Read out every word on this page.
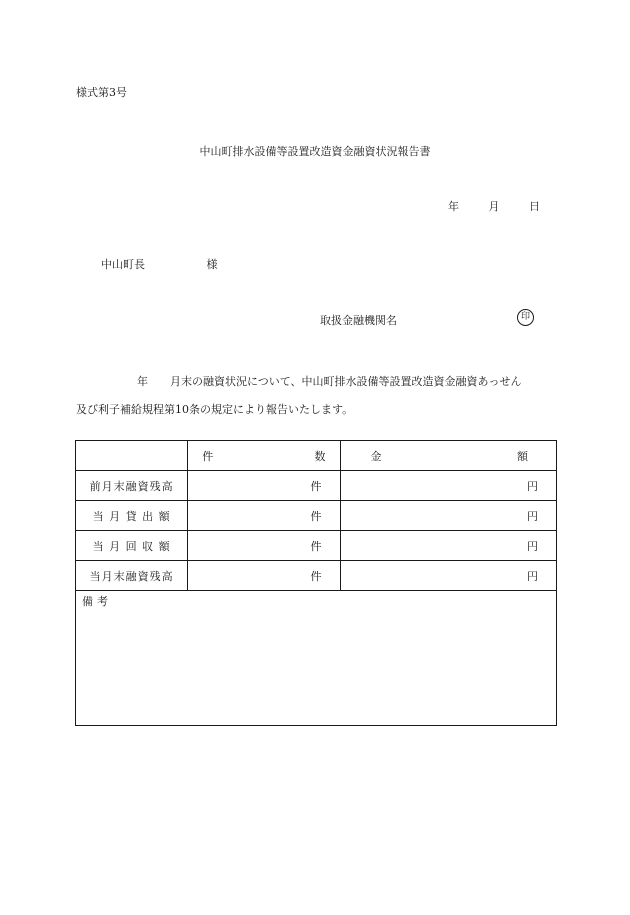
様式第3号
中山町排水設備等設置改造資金融資状況報告書
年	月	日
中山町長	様
取扱金融機関名	印
年　　月末の融資状況について、中山町排水設備等設置改造資金融資あっせん
及び利子補給規程第10条の規定により報告いたします。

	件 数	金 額

前月末融資残高	件	円
当 月 貸 出 額	件	円
当 月 回 収 額	件	円
当月末融資残高	件	円

備考		
